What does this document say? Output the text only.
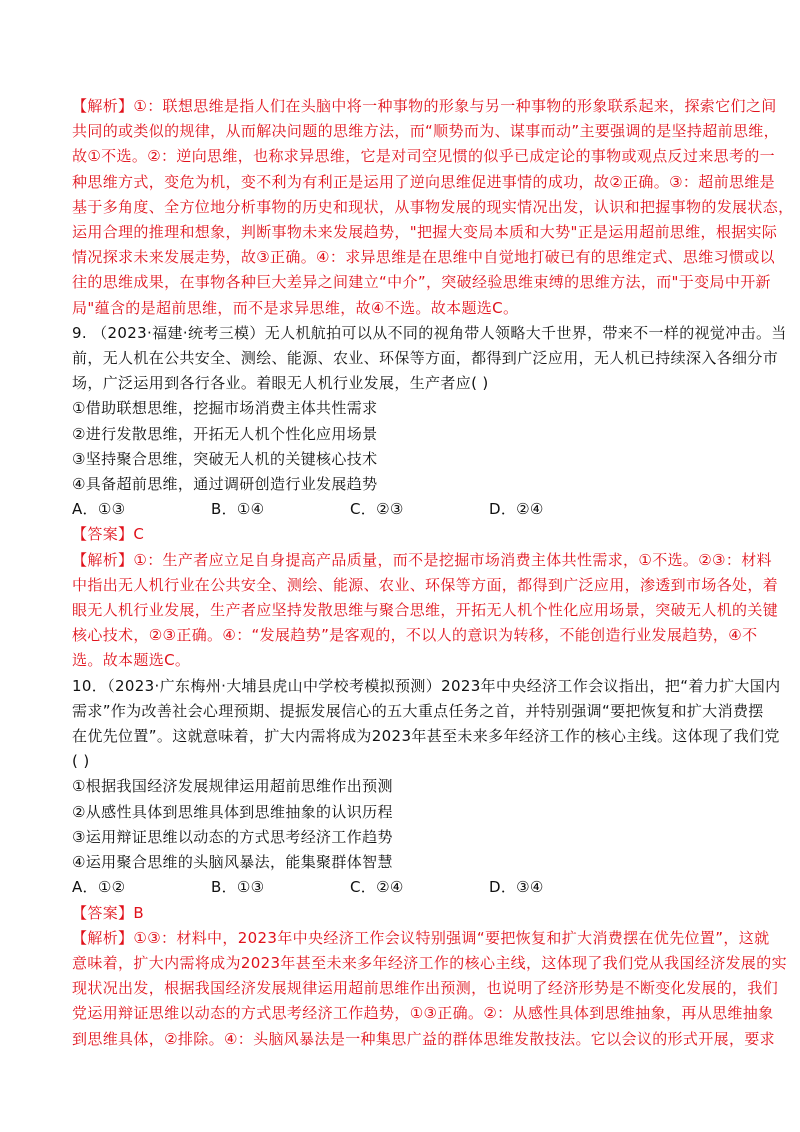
【解析】①：联想思维是指人们在头脑中将一种事物的形象与另一种事物的形象联系起来，探索它们之间
共同的或类似的规律，从而解决问题的思维方法，而“顺势而为、谋事而动”主要强调的是坚持超前思维，
故①不选。②：逆向思维，也称求异思维，它是对司空见惯的似乎已成定论的事物或观点反过来思考的一
种思维方式，变危为机，变不利为有利正是运用了逆向思维促进事情的成功，故②正确。③：超前思维是
基于多角度、全方位地分析事物的历史和现状，从事物发展的现实情况出发，认识和把握事物的发展状态，
运用合理的推理和想象，判断事物未来发展趋势，"把握大变局本质和大势"正是运用超前思维，根据实际
情况探求未来发展走势，故③正确。④：求异思维是在思维中自觉地打破已有的思维定式、思维习惯或以
往的思维成果，在事物各种巨大差异之间建立“中介”，突破经验思维束缚的思维方法，而"于变局中开新
局"蕴含的是超前思维，而不是求异思维，故④不选。故本题选C。
9. （2023·福建·统考三模）无人机航拍可以从不同的视角带人领略大千世界，带来不一样的视觉冲击。当
前，无人机在公共安全、测绘、能源、农业、环保等方面，都得到广泛应用，无人机已持续深入各细分市
场，广泛运用到各行各业。着眼无人机行业发展，生产者应( )
①借助联想思维，挖掘市场消费主体共性需求
②进行发散思维，开拓无人机个性化应用场景
③坚持聚合思维，突破无人机的关键核心技术
④具备超前思维，通过调研创造行业发展趋势
A．①③	B．①④	C．②③	D．②④
【答案】C
【解析】①：生产者应立足自身提高产品质量，而不是挖掘市场消费主体共性需求，①不选。②③：材料
中指出无人机行业在公共安全、测绘、能源、农业、环保等方面，都得到广泛应用，渗透到市场各处，着
眼无人机行业发展，生产者应坚持发散思维与聚合思维，开拓无人机个性化应用场景，突破无人机的关键
核心技术，②③正确。④：“发展趋势”是客观的，不以人的意识为转移，不能创造行业发展趋势，④不
选。故本题选C。
10．（2023·广东梅州·大埔县虎山中学校考模拟预测）2023年中央经济工作会议指出，把“着力扩大国内
需求”作为改善社会心理预期、提振发展信心的五大重点任务之首，并特别强调“要把恢复和扩大消费摆
在优先位置”。这就意味着，扩大内需将成为2023年甚至未来多年经济工作的核心主线。这体现了我们党
( )
①根据我国经济发展规律运用超前思维作出预测
②从感性具体到思维具体到思维抽象的认识历程
③运用辩证思维以动态的方式思考经济工作趋势
④运用聚合思维的头脑风暴法，能集聚群体智慧
A．①②	B．①③	C．②④	D．③④
【答案】B
【解析】①③：材料中，2023年中央经济工作会议特别强调“要把恢复和扩大消费摆在优先位置”，这就
意味着，扩大内需将成为2023年甚至未来多年经济工作的核心主线，这体现了我们党从我国经济发展的实
现状况出发，根据我国经济发展规律运用超前思维作出预测，也说明了经济形势是不断变化发展的，我们
党运用辩证思维以动态的方式思考经济工作趋势，①③正确。②：从感性具体到思维抽象，再从思维抽象
到思维具体，②排除。④：头脑风暴法是一种集思广益的群体思维发散技法。它以会议的形式开展，要求
